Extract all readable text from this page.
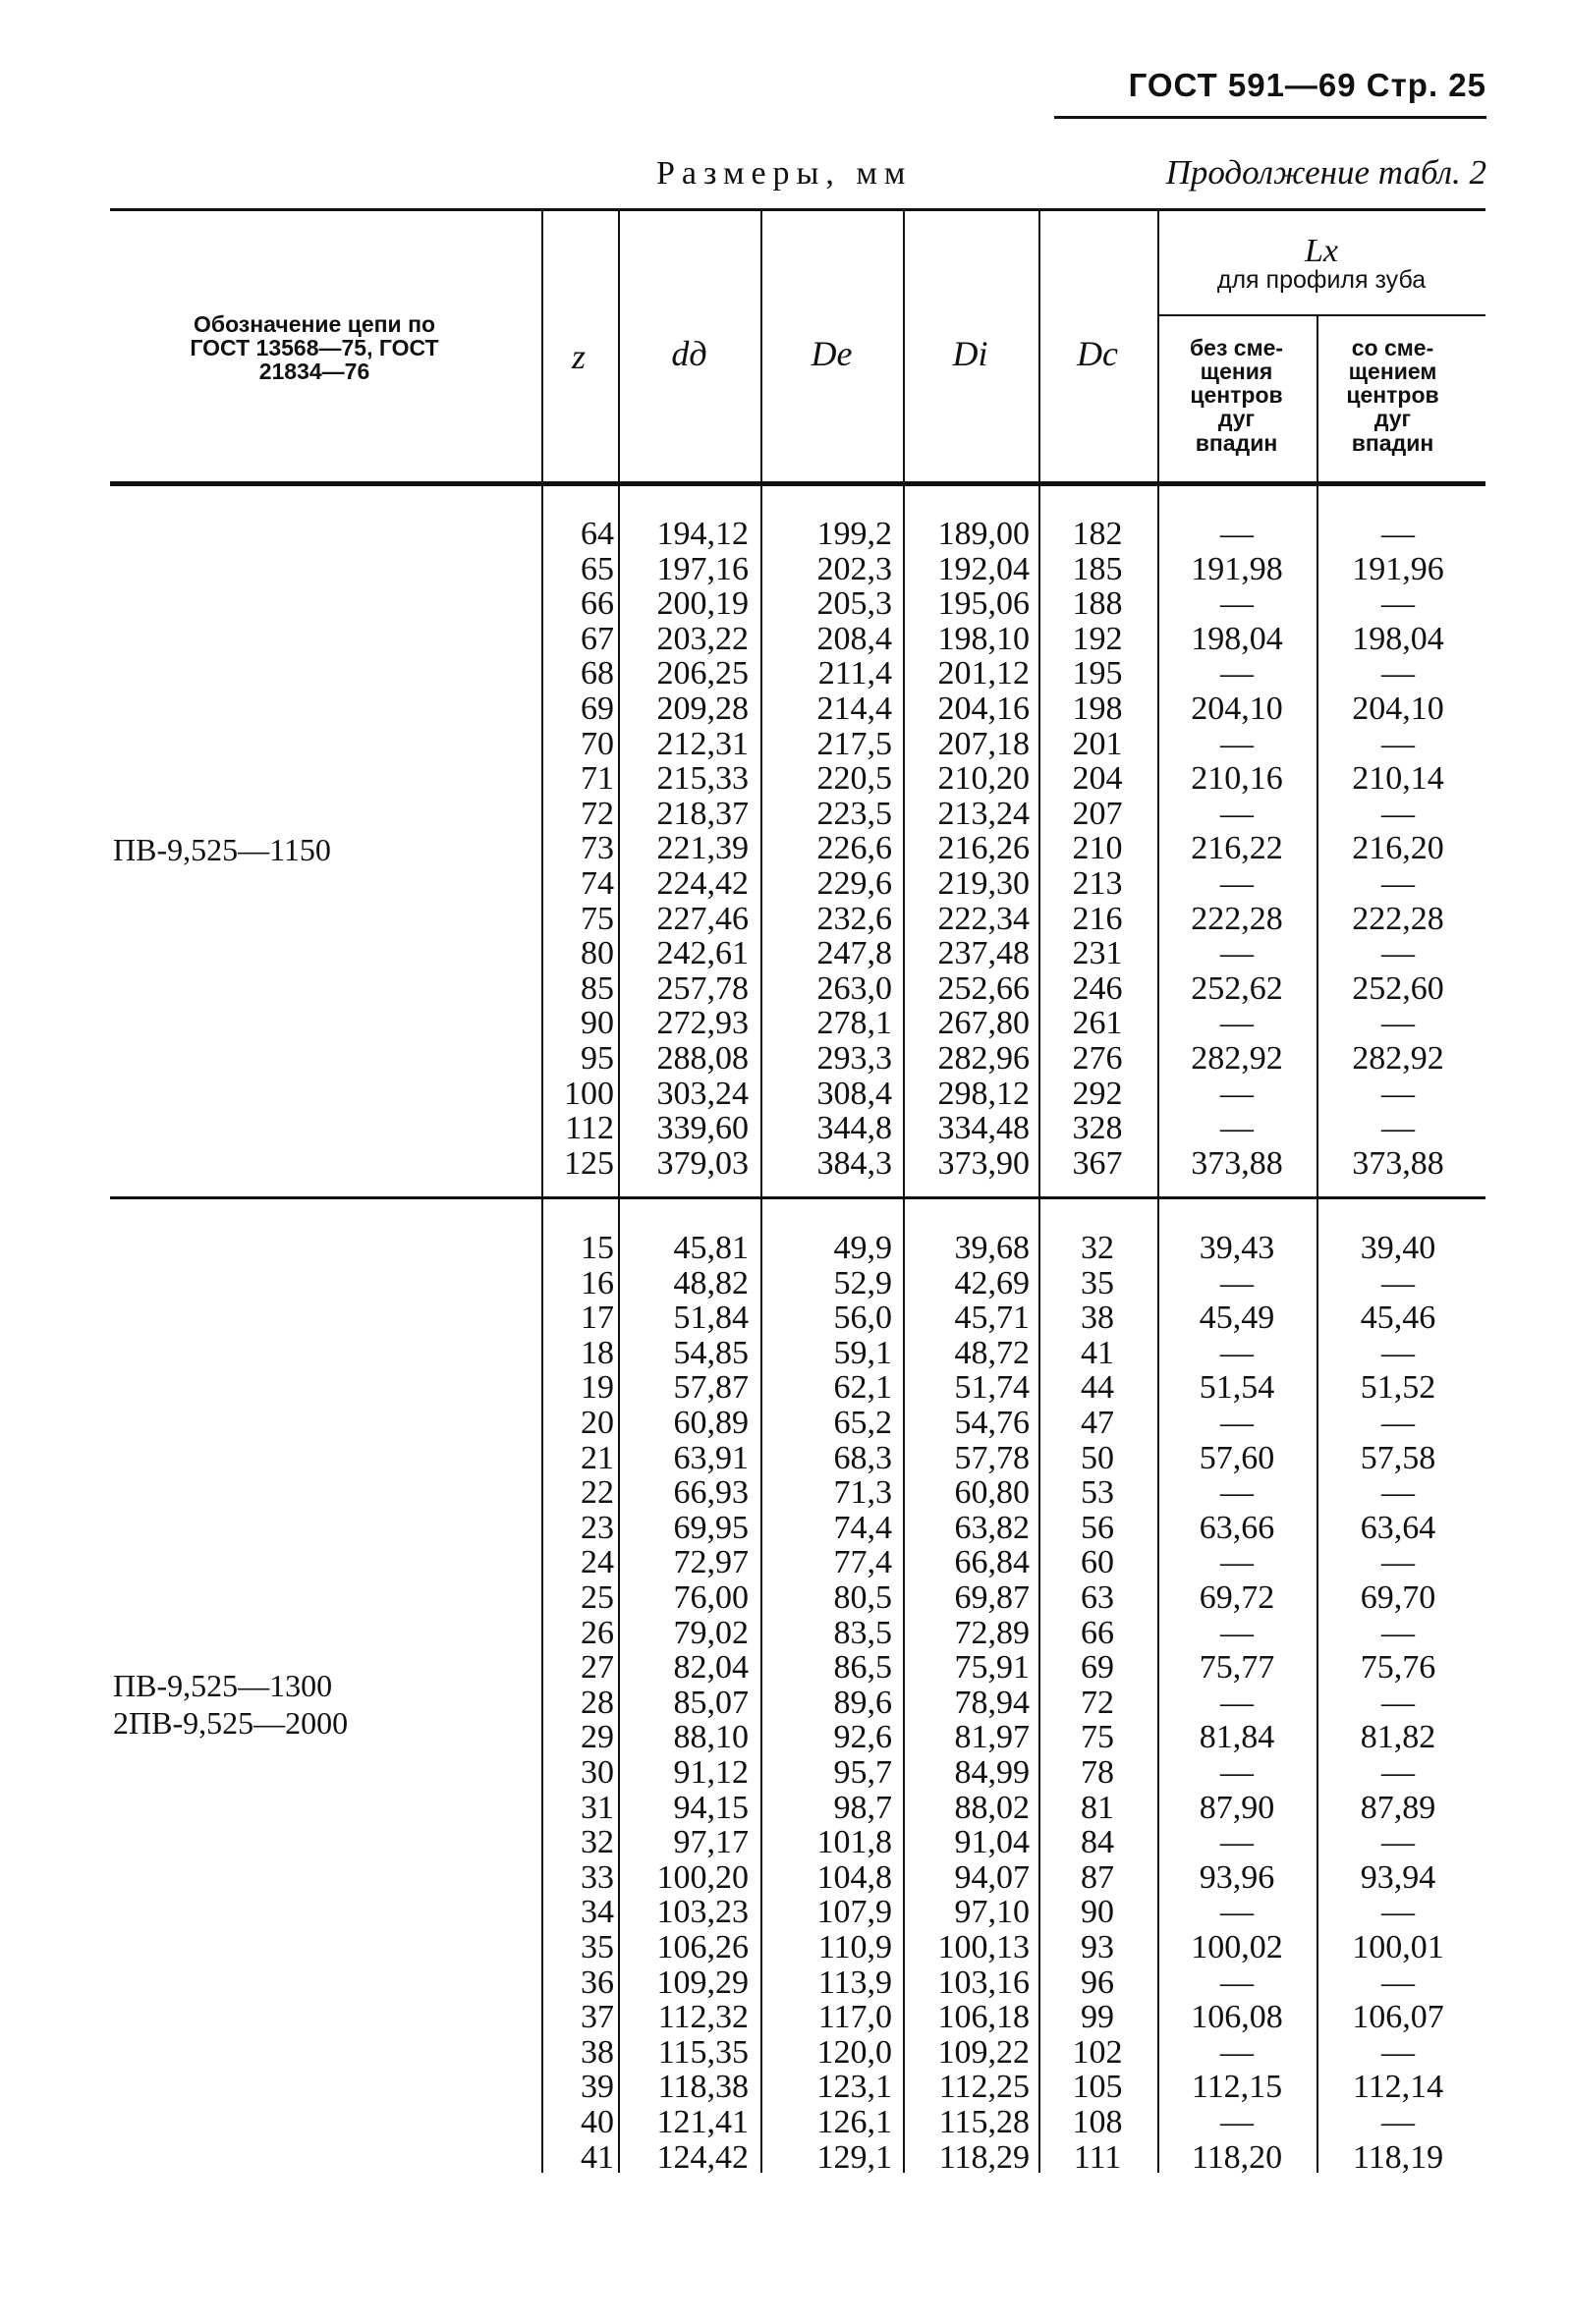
ГОСТ 591—69 Стр. 25
Размеры, мм	Продолжение табл. 2
Обозначение цепи по ГОСТ 13568—75, ГОСТ 21834—76	z	dд	Dе	Di	Dс
Lx
для профиля зуба
без сме- щения центров дуг впадин
со сме- щением центров дуг впадин
ПВ-9,525—1150
64	194,12	199,2	189,00	182	—	—
65	197,16	202,3	192,04	185	191,98	191,96
66	200,19	205,3	195,06	188	—	—
67	203,22	208,4	198,10	192	198,04	198,04
68	206,25	211,4	201,12	195	—	—
69	209,28	214,4	204,16	198	204,10	204,10
70	212,31	217,5	207,18	201	—	—
71	215,33	220,5	210,20	204	210,16	210,14
72	218,37	223,5	213,24	207	—	—
73	221,39	226,6	216,26	210	216,22	216,20
74	224,42	229,6	219,30	213	—	—
75	227,46	232,6	222,34	216	222,28	222,28
80	242,61	247,8	237,48	231	—	—
85	257,78	263,0	252,66	246	252,62	252,60
90	272,93	278,1	267,80	261	—	—
95	288,08	293,3	282,96	276	282,92	282,92
100	303,24	308,4	298,12	292	—	—
112	339,60	344,8	334,48	328	—	—
125	379,03	384,3	373,90	367	373,88	373,88
ПВ-9,525—1300
2ПВ-9,525—2000
15	45,81	49,9	39,68	32	39,43	39,40
16	48,82	52,9	42,69	35	—	—
17	51,84	56,0	45,71	38	45,49	45,46
18	54,85	59,1	48,72	41	—	—
19	57,87	62,1	51,74	44	51,54	51,52
20	60,89	65,2	54,76	47	—	—
21	63,91	68,3	57,78	50	57,60	57,58
22	66,93	71,3	60,80	53	—	—
23	69,95	74,4	63,82	56	63,66	63,64
24	72,97	77,4	66,84	60	—	—
25	76,00	80,5	69,87	63	69,72	69,70
26	79,02	83,5	72,89	66	—	—
27	82,04	86,5	75,91	69	75,77	75,76
28	85,07	89,6	78,94	72	—	—
29	88,10	92,6	81,97	75	81,84	81,82
30	91,12	95,7	84,99	78	—	—
31	94,15	98,7	88,02	81	87,90	87,89
32	97,17	101,8	91,04	84	—	—
33	100,20	104,8	94,07	87	93,96	93,94
34	103,23	107,9	97,10	90	—	—
35	106,26	110,9	100,13	93	100,02	100,01
36	109,29	113,9	103,16	96	—	—
37	112,32	117,0	106,18	99	106,08	106,07
38	115,35	120,0	109,22	102	—	—
39	118,38	123,1	112,25	105	112,15	112,14
40	121,41	126,1	115,28	108	—	—
41	124,42	129,1	118,29	111	118,20	118,19
